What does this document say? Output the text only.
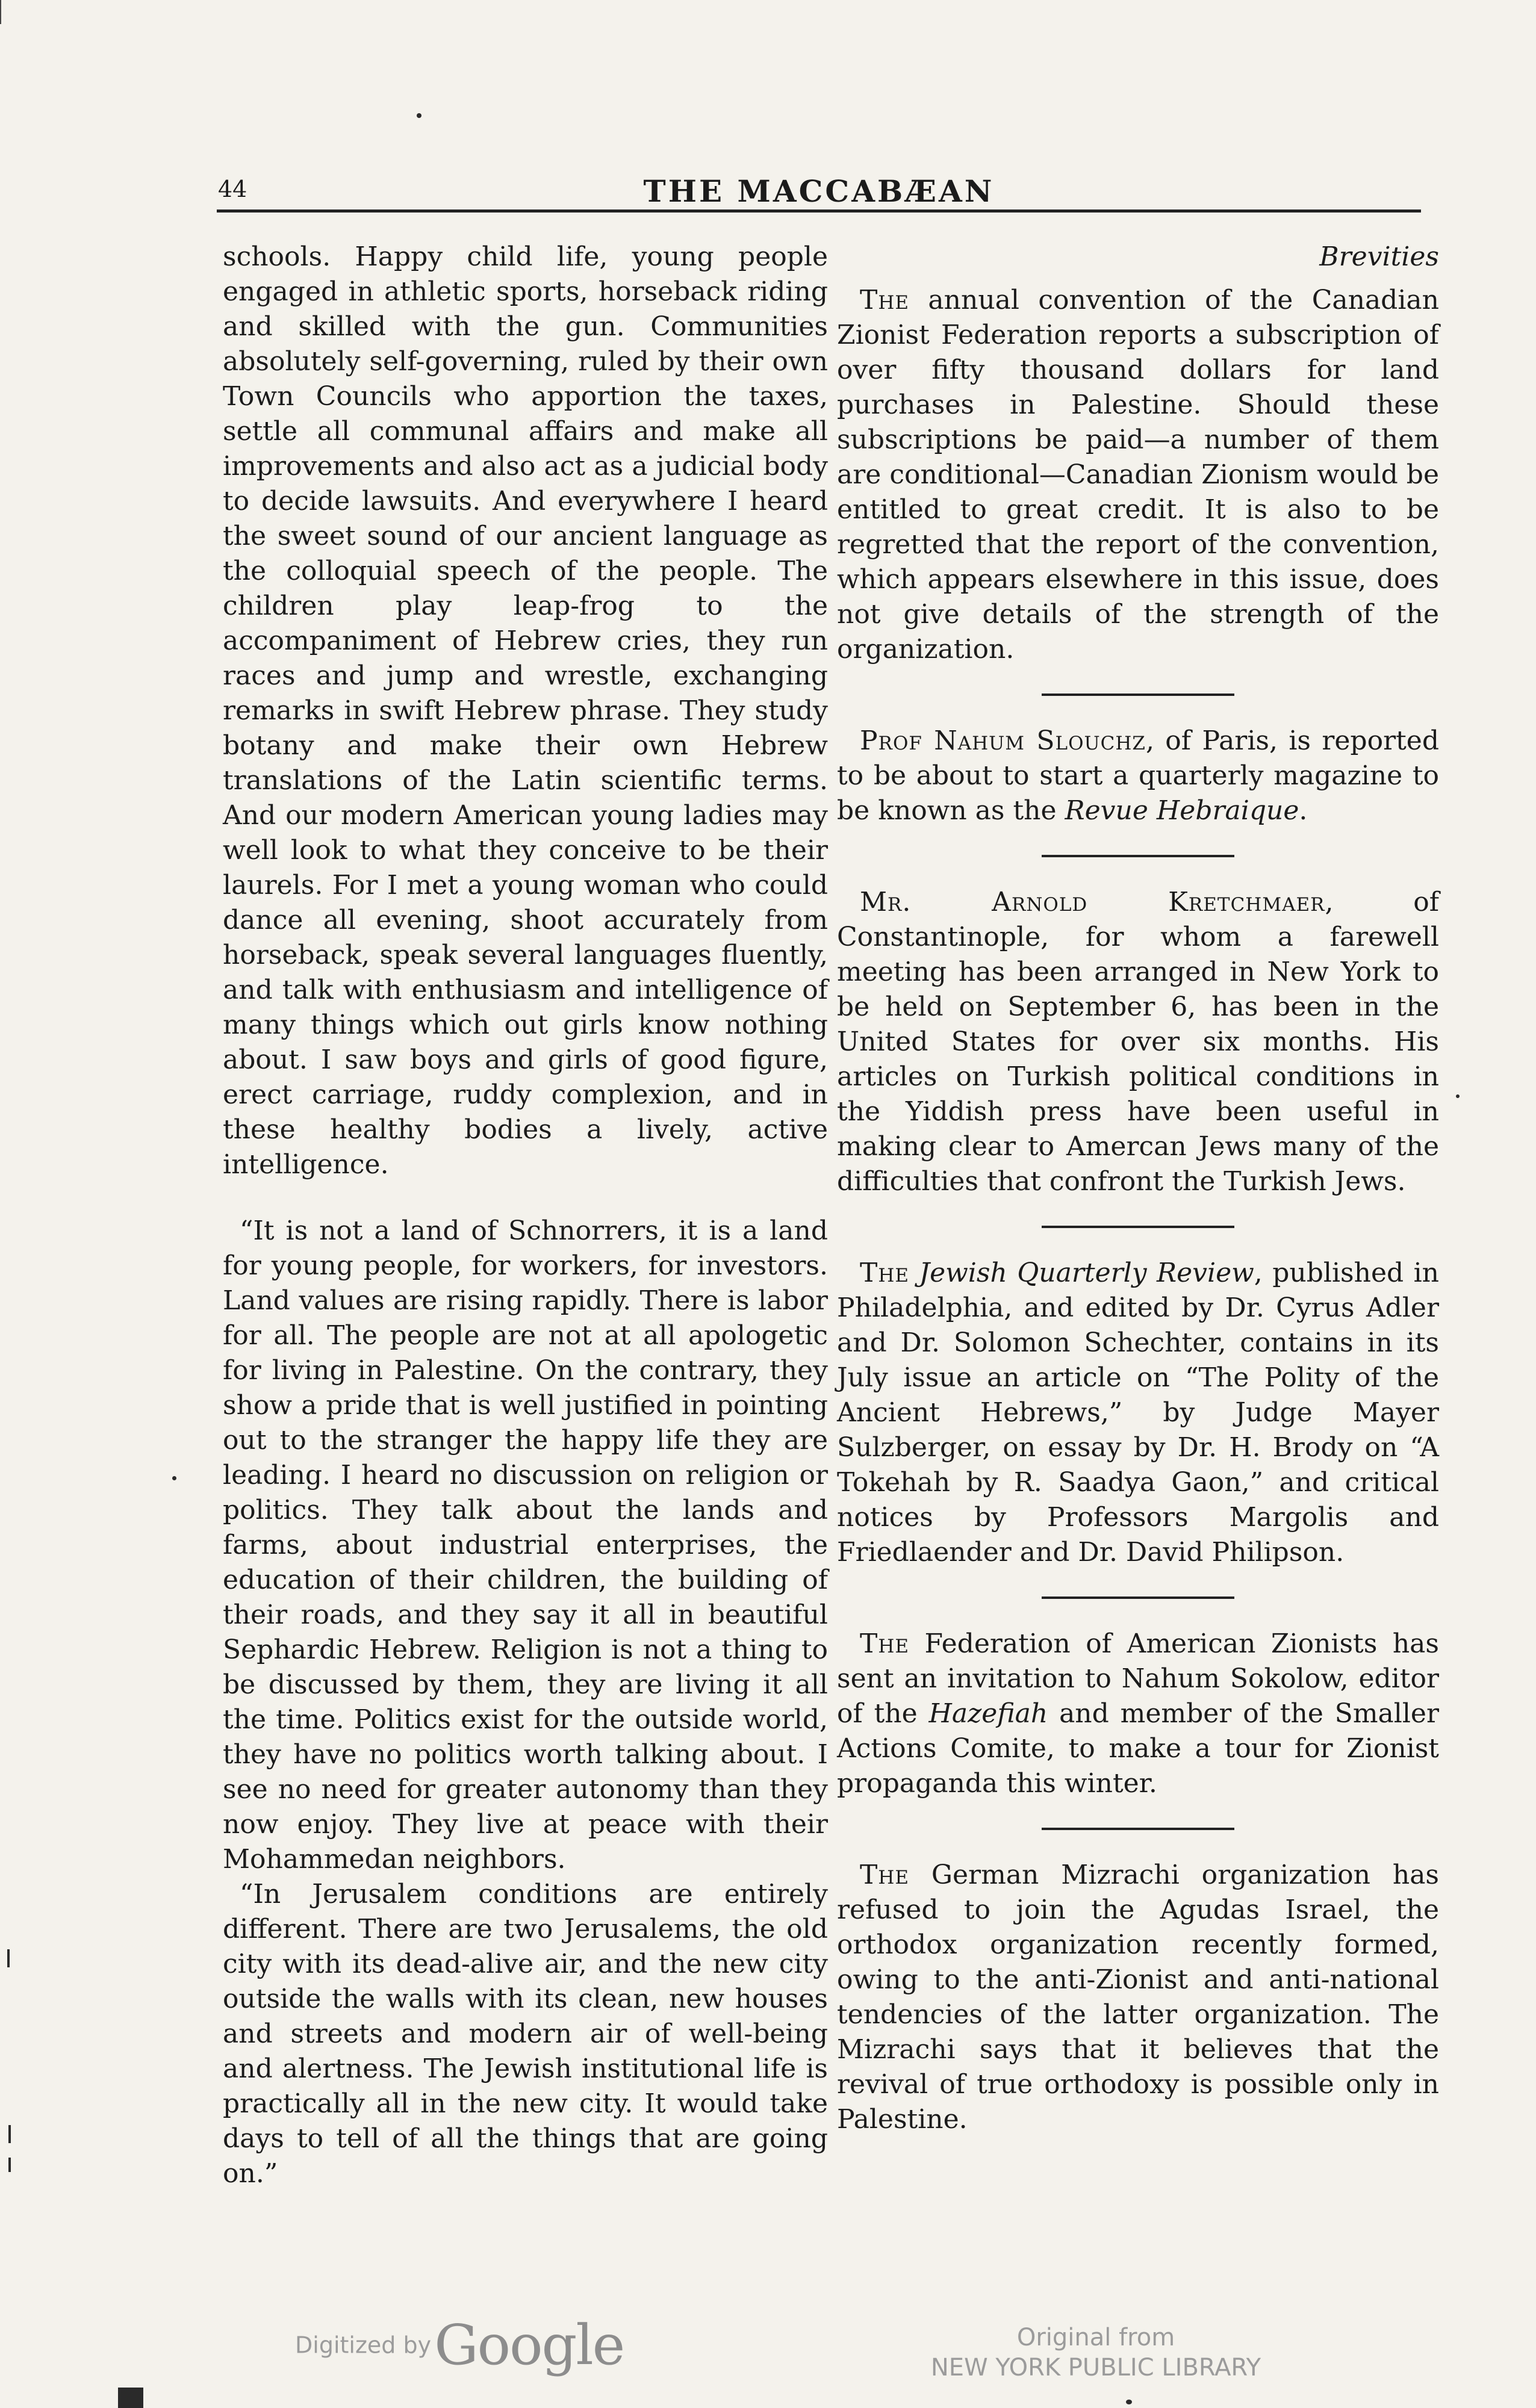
44	THE MACCABÆAN

schools. Happy child life, young people engaged in athletic sports, horseback riding and skilled with the gun. Communities absolutely self-governing, ruled by their own Town Councils who apportion the taxes, settle all communal affairs and make all improvements and also act as a judicial body to decide lawsuits. And everywhere I heard the sweet sound of our ancient language as the colloquial speech of the people. The children play leap-frog to the accompaniment of Hebrew cries, they run races and jump and wrestle, exchanging remarks in swift Hebrew phrase. They study botany and make their own Hebrew translations of the Latin scientific terms. And our modern American young ladies may well look to what they conceive to be their laurels. For I met a young woman who could dance all evening, shoot accurately from horseback, speak several languages fluently, and talk with enthusiasm and intelligence of many things which out girls know nothing about. I saw boys and girls of good figure, erect carriage, ruddy complexion, and in these healthy bodies a lively, active intelligence.

“It is not a land of Schnorrers, it is a land for young people, for workers, for investors. Land values are rising rapidly. There is labor for all. The people are not at all apologetic for living in Palestine. On the contrary, they show a pride that is well justified in pointing out to the stranger the happy life they are leading. I heard no discussion on religion or politics. They talk about the lands and farms, about industrial enterprises, the education of their children, the building of their roads, and they say it all in beautiful Sephardic Hebrew. Religion is not a thing to be discussed by them, they are living it all the time. Politics exist for the outside world, they have no politics worth talking about. I see no need for greater autonomy than they now enjoy. They live at peace with their Mohammedan neighbors.

“In Jerusalem conditions are entirely different. There are two Jerusalems, the old city with its dead-alive air, and the new city outside the walls with its clean, new houses and streets and modern air of well-being and alertness. The Jewish institutional life is practically all in the new city. It would take days to tell of all the things that are going on.”

Brevities

The annual convention of the Canadian Zionist Federation reports a subscription of over fifty thousand dollars for land purchases in Palestine. Should these subscriptions be paid—a number of them are conditional—Canadian Zionism would be entitled to great credit. It is also to be regretted that the report of the convention, which appears elsewhere in this issue, does not give details of the strength of the organization.

Prof Nahum Slouchz, of Paris, is reported to be about to start a quarterly magazine to be known as the Revue Hebraique.

Mr. Arnold Kretchmaer, of Constantinople, for whom a farewell meeting has been arranged in New York to be held on September 6, has been in the United States for over six months. His articles on Turkish political conditions in the Yiddish press have been useful in making clear to Amercan Jews many of the difficulties that confront the Turkish Jews.

The Jewish Quarterly Review, published in Philadelphia, and edited by Dr. Cyrus Adler and Dr. Solomon Schechter, contains in its July issue an article on “The Polity of the Ancient Hebrews,” by Judge Mayer Sulzberger, on essay by Dr. H. Brody on “A Tokehah by R. Saadya Gaon,” and critical notices by Professors Margolis and Friedlaender and Dr. David Philipson.

The Federation of American Zionists has sent an invitation to Nahum Sokolow, editor of the Hazefiah and member of the Smaller Actions Comite, to make a tour for Zionist propaganda this winter.

The German Mizrachi organization has refused to join the Agudas Israel, the orthodox organization recently formed, owing to the anti-Zionist and anti-national tendencies of the latter organization. The Mizrachi says that it believes that the revival of true orthodoxy is possible only in Palestine.

Digitized by Google	Original from
NEW YORK PUBLIC LIBRARY
